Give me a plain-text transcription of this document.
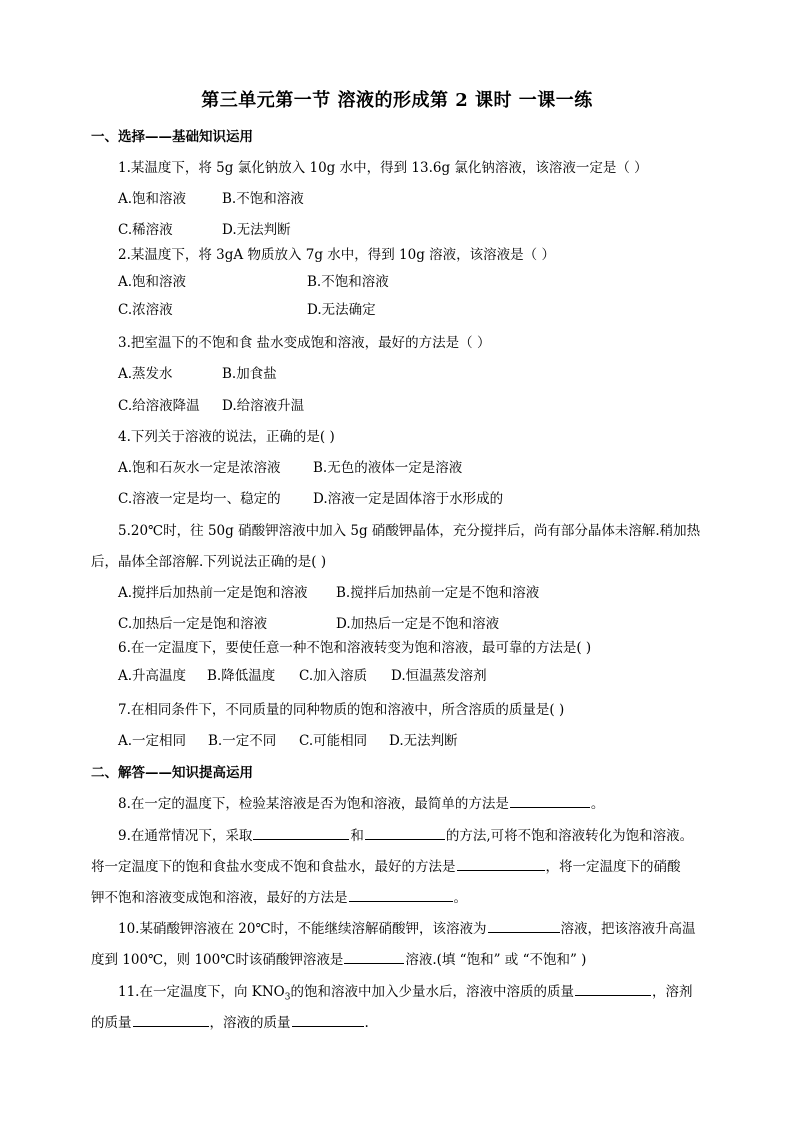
第三单元第一节 溶液的形成第 2 课时 一课一练
一、选择——基础知识运用
1.某温度下，将 5g 氯化钠放入 10g 水中，得到 13.6g 氯化钠溶液，该溶液一定是（ ）
A.饱和溶液	B.不饱和溶液
C.稀溶液	D.无法判断
2.某温度下，将 3gA 物质放入 7g 水中，得到 10g 溶液，该溶液是（ ）
A.饱和溶液	B.不饱和溶液
C.浓溶液	D.无法确定
3.把室温下的不饱和食 盐水变成饱和溶液，最好的方法是（ ）
A.蒸发水	B.加食盐
C.给溶液降温 D.给溶液升温
4.下列关于溶液的说法，正确的是( )
A.饱和石灰水一定是浓溶液 B.无色的液体一定是溶液
C.溶液一定是均一、稳定的 D.溶液一定是固体溶于水形成的
5.20℃时，往 50g 硝酸钾溶液中加入 5g 硝酸钾晶体，充分搅拌后，尚有部分晶体未溶解.稍加热
后，晶体全部溶解.下列说法正确的是( )
A.搅拌后加热前一定是饱和溶液 B.搅拌后加热前一定是不饱和溶液
C.加热后一定是饱和溶液	D.加热后一定是不饱和溶液
6.在一定温度下，要使任意一种不饱和溶液转变为饱和溶液，最可靠的方法是( )
A.升高温度 B.降低温度 C.加入溶质 D.恒温蒸发溶剂
7.在相同条件下，不同质量的同种物质的饱和溶液中，所含溶质的质量是( )
A.一定相同 B.一定不同 C.可能相同 D.无法判断
二、解答——知识提高运用
8.在一定的温度下，检验某溶液是否为饱和溶液，最简单的方法是	。
9.在通常情况下，采取	和	的方法,可将不饱和溶液转化为饱和溶液。
将一定温度下的饱和食盐水变成不饱和食盐水，最好的方法是	，将一定温度下的硝酸
钾不饱和溶液变成饱和溶液，最好的方法是	。
10.某硝酸钾溶液在 20℃时，不能继续溶解硝酸钾，该溶液为	溶液，把该溶液升高温
度到 100℃，则 100℃时该硝酸钾溶液是	溶液.(填 “饱和” 或 “不饱和” )
11.在一定温度下，向 $KNO_3$的饱和溶液中加入少量水后，溶液中溶质的质量	，溶剂
的质量	，溶液的质量	.
